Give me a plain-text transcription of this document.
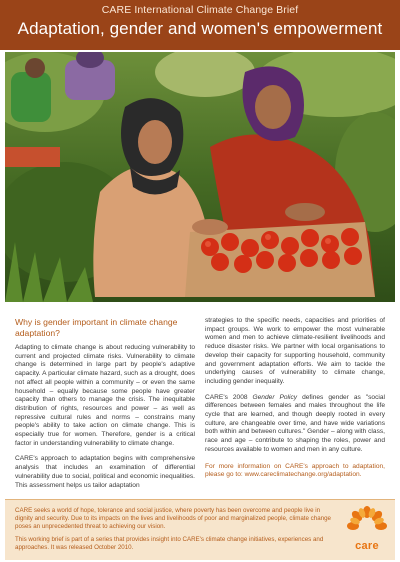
CARE International Climate Change Brief
Adaptation, gender and women's empowerment
Why is gender important in climate change adaptation?

Adapting to climate change is about reducing vulnerability to current and projected climate risks. Vulnerability to climate change is determined in large part by people's adaptive capacity. A particular climate hazard, such as a drought, does not affect all people within a community – or even the same household – equally because some people have greater capacity than others to manage the crisis. The inequitable distribution of rights, resources and power – as well as repressive cultural rules and norms – constrains many people's ability to take action on climate change. This is especially true for women. Therefore, gender is a critical factor in understanding vulnerability to climate change.

CARE's approach to adaptation begins with comprehensive analysis that includes an examination of differential vulnerability due to social, political and economic inequalities. This assessment helps us tailor adaptation

strategies to the specific needs, capacities and priorities of impact groups. We work to empower the most vulnerable women and men to achieve climate-resilient livelihoods and reduce disaster risks. We partner with local organisations to develop their capacity for supporting household, community and government adaptation efforts. We aim to tackle the underlying causes of vulnerability to climate change, including gender inequality.

CARE's 2008 Gender Policy defines gender as "social differences between females and males throughout the life cycle that are learned, and though deeply rooted in every culture, are changeable over time, and have wide variations both within and between cultures." Gender – along with class, race and age – contribute to shaping the roles, power and resources available to women and men in any culture.

For more information on CARE's approach to adaptation, please go to: www.careclimatechange.org/adaptation.

CARE seeks a world of hope, tolerance and social justice, where poverty has been overcome and people live in dignity and security. Due to its impacts on the lives and livelihoods of poor and marginalized people, climate change poses an unprecedented threat to achieving our vision.

This working brief is part of a series that provides insight into CARE's climate change initiatives, experiences and approaches. It was released October 2010.	care
